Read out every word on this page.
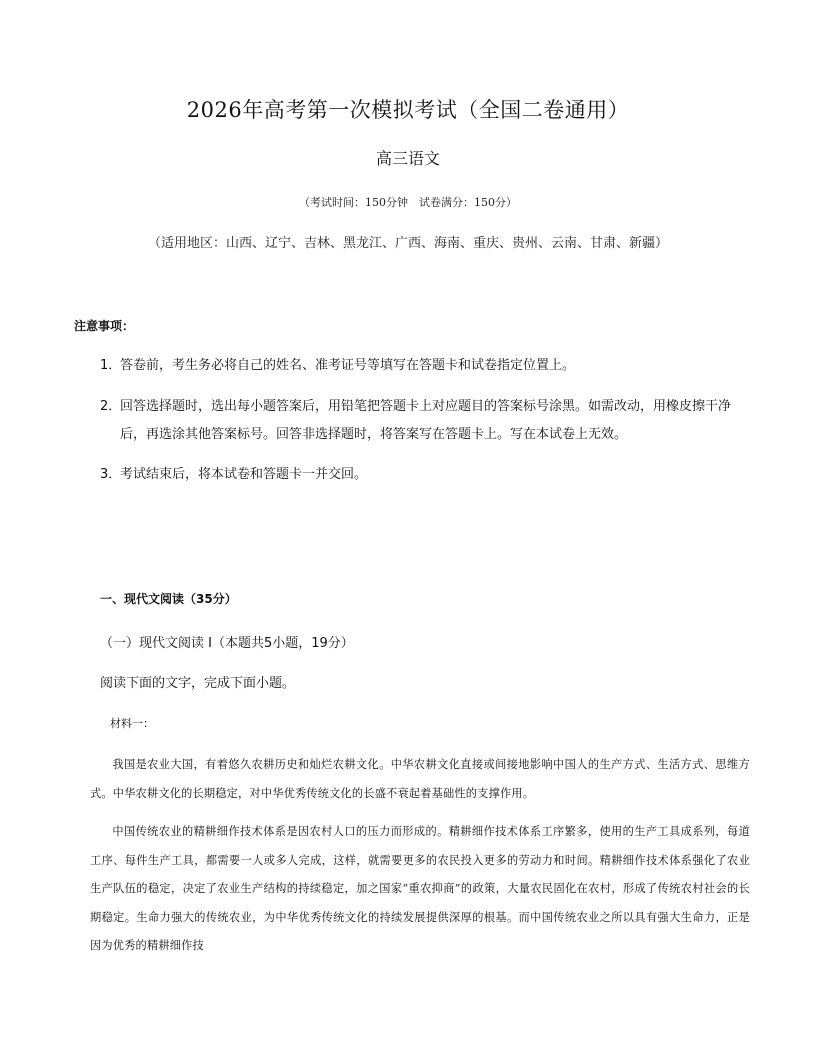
2026年高考第一次模拟考试（全国二卷通用）
高三语文
（考试时间：150分钟　试卷满分：150分）
（适用地区：山西、辽宁、吉林、黑龙江、广西、海南、重庆、贵州、云南、甘肃、新疆）
注意事项：
1．答卷前，考生务必将自己的姓名、准考证号等填写在答题卡和试卷指定位置上。
2．回答选择题时，选出每小题答案后，用铅笔把答题卡上对应题目的答案标号涂黑。如需改动，用橡皮擦干净后，再选涂其他答案标号。回答非选择题时，将答案写在答题卡上。写在本试卷上无效。
3．考试结束后，将本试卷和答题卡一并交回。
一、现代文阅读（35分）
（一）现代文阅读 I（本题共5小题，19分）
阅读下面的文字，完成下面小题。
材料一：
我国是农业大国，有着悠久农耕历史和灿烂农耕文化。中华农耕文化直接或间接地影响中国人的生产方式、生活方式、思维方式。中华农耕文化的长期稳定，对中华优秀传统文化的长盛不衰起着基础性的支撑作用。
中国传统农业的精耕细作技术体系是因农村人口的压力而形成的。精耕细作技术体系工序繁多，使用的生产工具成系列，每道工序、每件生产工具，都需要一人或多人完成，这样，就需要更多的农民投入更多的劳动力和时间。精耕细作技术体系强化了农业生产队伍的稳定，决定了农业生产结构的持续稳定，加之国家“重农抑商”的政策，大量农民固化在农村，形成了传统农村社会的长期稳定。生命力强大的传统农业，为中华优秀传统文化的持续发展提供深厚的根基。而中国传统农业之所以具有强大生命力，正是因为优秀的精耕细作技
